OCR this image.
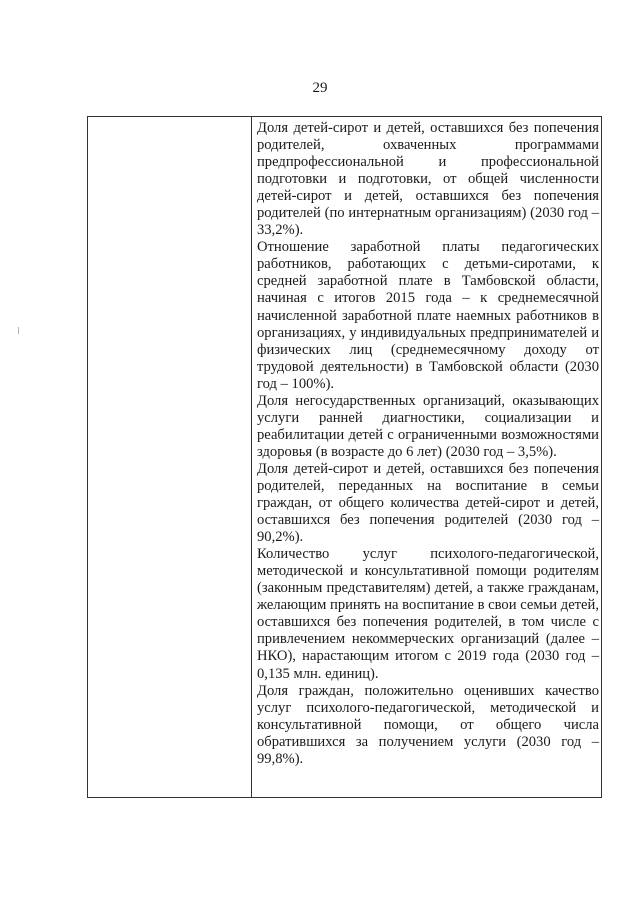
29

Доля детей-сирот и детей, оставшихся без попечения родителей, охваченных программами предпрофессиональной и профессиональной подготовки и подготовки, от общей численности детей-сирот и детей, оставшихся без попечения родителей (по интернатным организациям) (2030 год – 33,2%).

Отношение заработной платы педагогических работников, работающих с детьми-сиротами, к средней заработной плате в Тамбовской области, начиная с итогов 2015 года – к среднемесячной начисленной заработной плате наемных работников в организациях, у индивидуальных предпринимателей и физических лиц (среднемесячному доходу от трудовой деятельности) в Тамбовской области (2030 год – 100%).

Доля негосударственных организаций, оказывающих услуги ранней диагностики, социализации и реабилитации детей с ограниченными возможностями здоровья (в возрасте до 6 лет) (2030 год – 3,5%).

Доля детей-сирот и детей, оставшихся без попечения родителей, переданных на воспитание в семьи граждан, от общего количества детей-сирот и детей, оставшихся без попечения родителей (2030 год – 90,2%).

Количество услуг психолого-педагогической, методической и консультативной помощи родителям (законным представителям) детей, а также гражданам, желающим принять на воспитание в свои семьи детей, оставшихся без попечения родителей, в том числе с привлечением некоммерческих организаций (далее – НКО), нарастающим итогом с 2019 года (2030 год – 0,135 млн. единиц).

Доля граждан, положительно оценивших качество услуг психолого-педагогической, методической и консультативной помощи, от общего числа обратившихся за получением услуги (2030 год – 99,8%).
